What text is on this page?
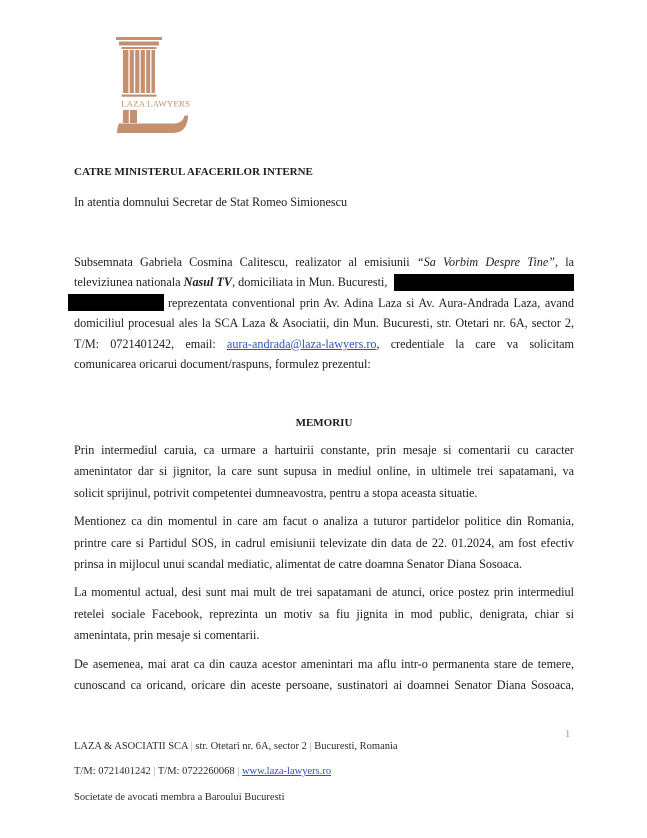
LAZA LAWYERS
CATRE MINISTERUL AFACERILOR INTERNE
In atentia domnului Secretar de Stat Romeo Simionescu
Subsemnata Gabriela Cosmina Calitescu, realizator al emisiunii “Sa Vorbim Despre Tine”, la
televiziunea nationala Nasul TV, domiciliata in Mun. Bucuresti,
reprezentata conventional prin Av. Adina Laza si Av. Aura-Andrada Laza, avand
domiciliul procesual ales la SCA Laza & Asociatii, din Mun. Bucuresti, str. Otetari nr. 6A, sector 2,
T/M: 0721401242, email: aura-andrada@laza-lawyers.ro, credentiale la care va solicitam
comunicarea oricarui document/raspuns, formulez prezentul:
MEMORIU
Prin intermediul caruia, ca urmare a hartuirii constante, prin mesaje si comentarii cu caracter
amenintator dar si jignitor, la care sunt supusa in mediul online, in ultimele trei sapatamani, va
solicit sprijinul, potrivit competentei dumneavostra, pentru a stopa aceasta situatie.
Mentionez ca din momentul in care am facut o analiza a tuturor partidelor politice din Romania,
printre care si Partidul SOS, in cadrul emisiunii televizate din data de 22. 01.2024, am fost efectiv
prinsa in mijlocul unui scandal mediatic, alimentat de catre doamna Senator Diana Sosoaca.
La momentul actual, desi sunt mai mult de trei sapatamani de atunci, orice postez prin intermediul
retelei sociale Facebook, reprezinta un motiv sa fiu jignita in mod public, denigrata, chiar si
amenintata, prin mesaje si comentarii.
De asemenea, mai arat ca din cauza acestor amenintari ma aflu intr-o permanenta stare de temere,
cunoscand ca oricand, oricare din aceste persoane, sustinatori ai doamnei Senator Diana Sosoaca,
1
LAZA & ASOCIATII SCA | str. Otetari nr. 6A, sector 2 | Bucuresti, Romania
T/M: 0721401242 | T/M: 0722260068 | www.laza-lawyers.ro
Societate de avocati membra a Baroului Bucuresti
